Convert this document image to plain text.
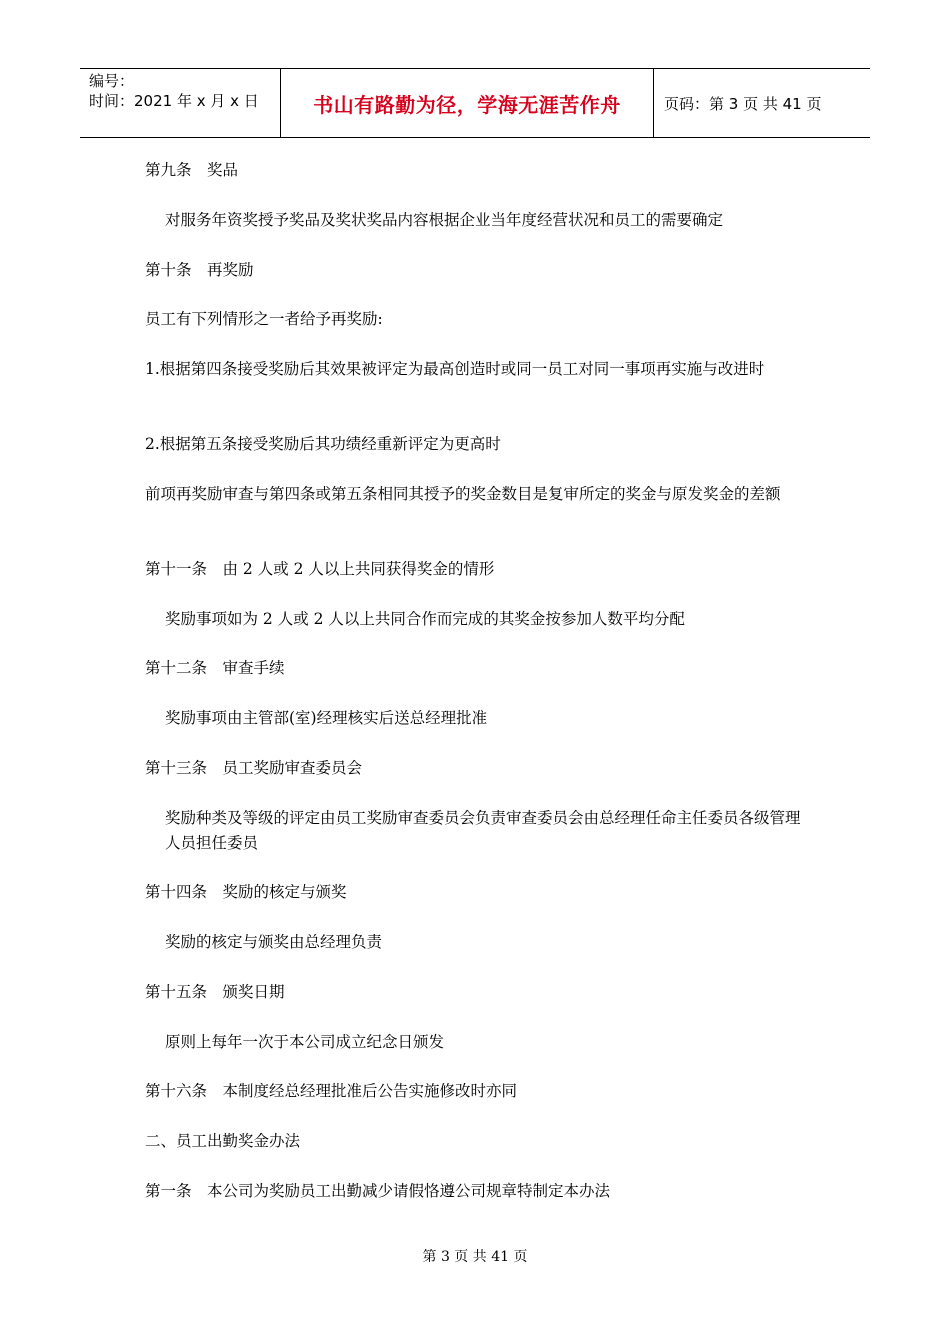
编号：
时间：2021 年 x 月 x 日	书山有路勤为径，学海无涯苦作舟	页码：第 3 页 共 41 页

第九条　奖品

对服务年资奖授予奖品及奖状奖品内容根据企业当年度经营状况和员工的需要确定

第十条　再奖励

员工有下列情形之一者给予再奖励:

1.根据第四条接受奖励后其效果被评定为最高创造时或同一员工对同一事项再实施与改进时

2.根据第五条接受奖励后其功绩经重新评定为更高时

前项再奖励审查与第四条或第五条相同其授予的奖金数目是复审所定的奖金与原发奖金的差额

第十一条　由 2 人或 2 人以上共同获得奖金的情形

奖励事项如为 2 人或 2 人以上共同合作而完成的其奖金按参加人数平均分配

第十二条　审查手续

奖励事项由主管部(室)经理核实后送总经理批准

第十三条　员工奖励审查委员会

奖励种类及等级的评定由员工奖励审查委员会负责审查委员会由总经理任命主任委员各级管理人员担任委员

第十四条　奖励的核定与颁奖

奖励的核定与颁奖由总经理负责

第十五条　颁奖日期

原则上每年一次于本公司成立纪念日颁发

第十六条　本制度经总经理批准后公告实施修改时亦同

二、员工出勤奖金办法

第一条　本公司为奖励员工出勤减少请假恪遵公司规章特制定本办法

第 3 页 共 41 页
